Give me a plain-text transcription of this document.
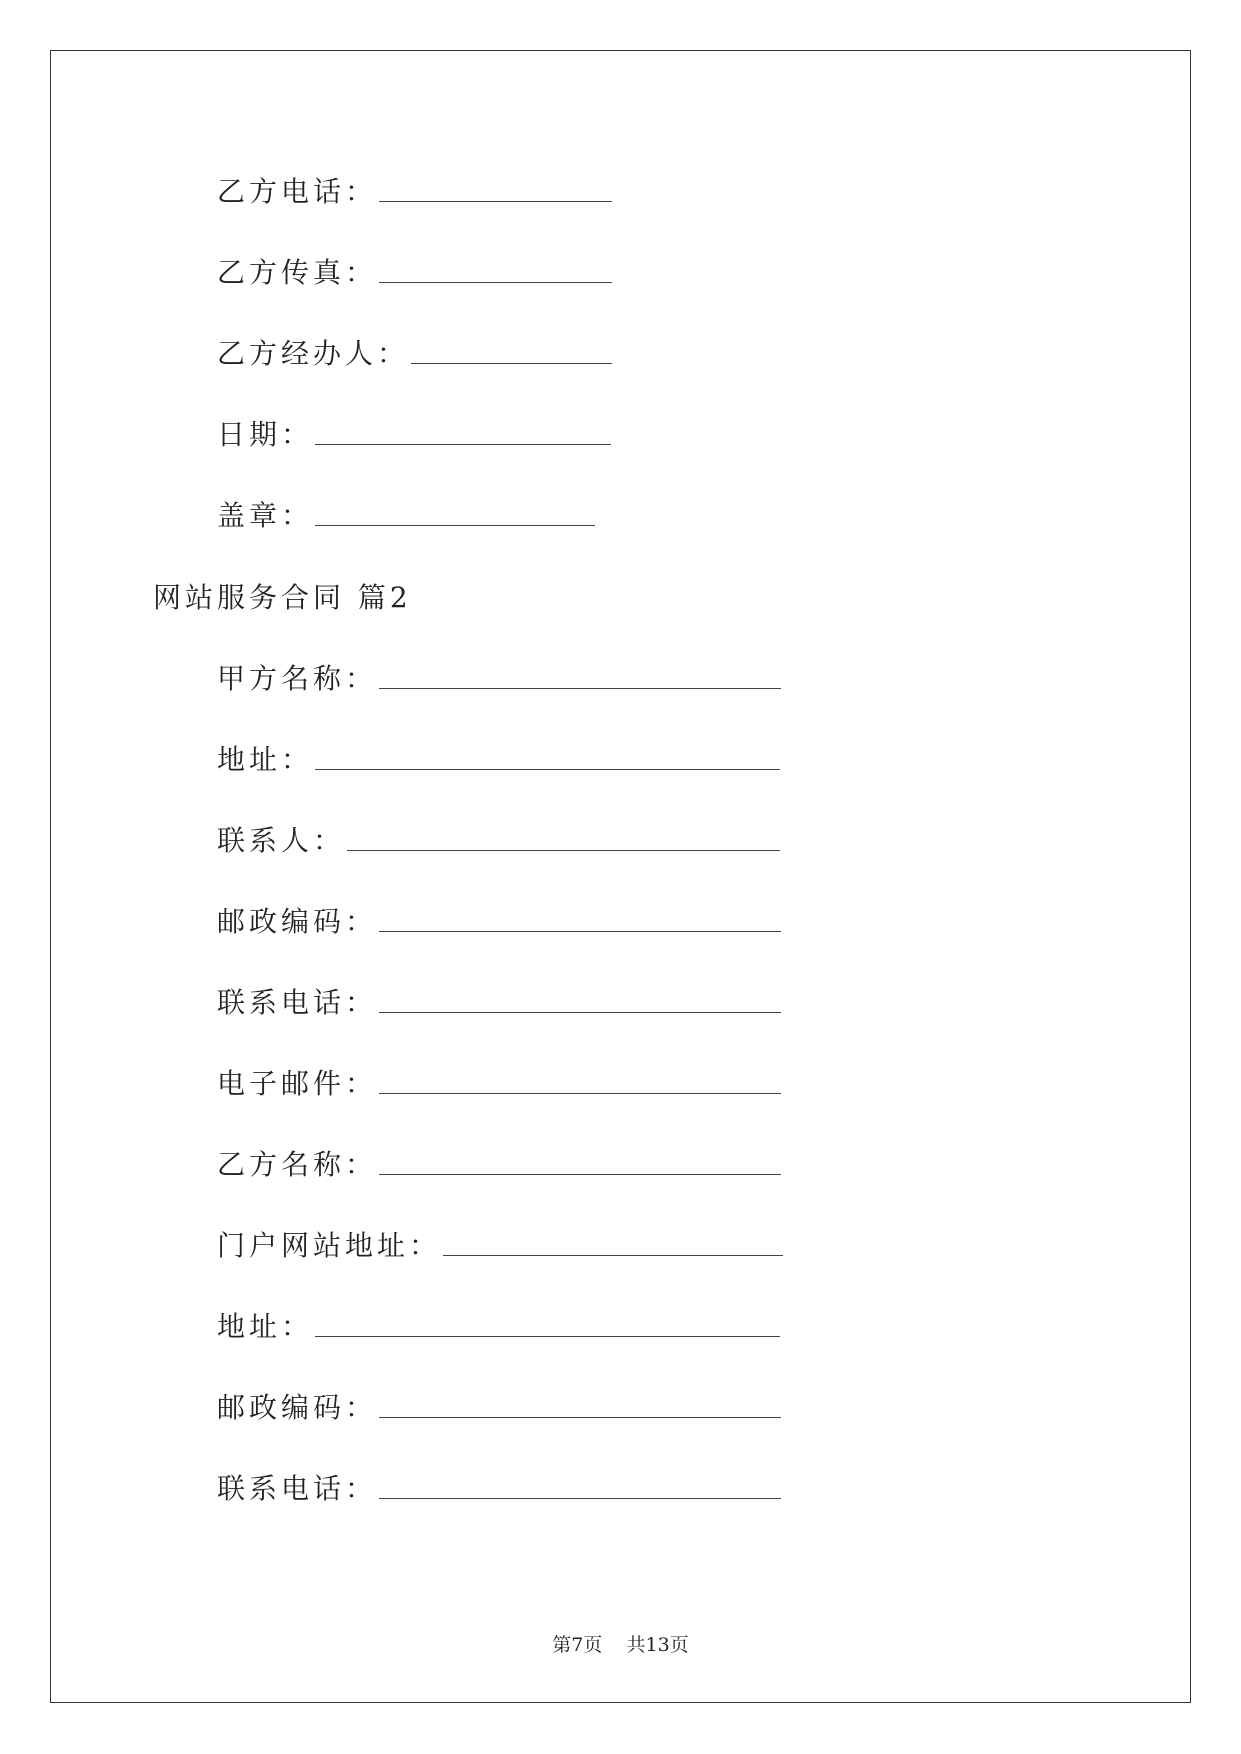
乙方电话：
乙方传真：
乙方经办人：
日期：
盖章：
网站服务合同 篇2
甲方名称：
地址：
联系人：
邮政编码：
联系电话：
电子邮件：
乙方名称：
门户网站地址：
地址：
邮政编码：
联系电话：
第7页    共13页
